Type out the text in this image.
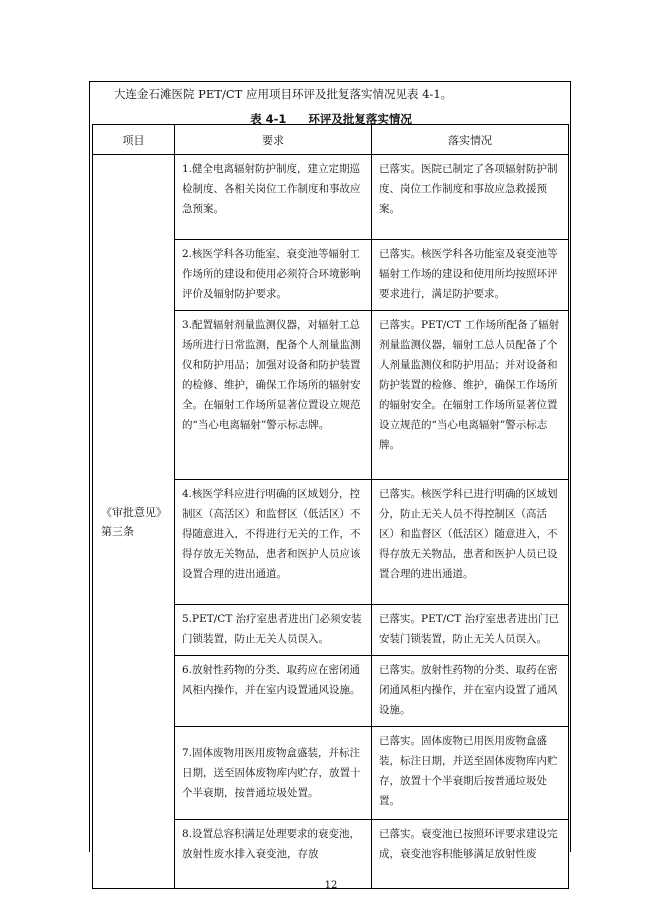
大连金石滩医院 PET/CT 应用项目环评及批复落实情况见表 4-1。
表 4-1 环评及批复落实情况
项目	要求	落实情况

《审批意见》
第三条	1.健全电离辐射防护制度，建立定期巡检制度、各相关岗位工作制度和事故应急预案。	已落实。医院已制定了各项辐射防护制度、岗位工作制度和事故应急救援预案。
	2.核医学科各功能室、衰变池等辐射工作场所的建设和使用必须符合环境影响评价及辐射防护要求。	已落实。核医学科各功能室及衰变池等辐射工作场的建设和使用所均按照环评要求进行，满足防护要求。
	3.配置辐射剂量监测仪器，对辐射工总场所进行日常监测，配备个人剂量监测仪和防护用品；加强对设备和防护装置的检修、维护，确保工作场所的辐射安全。在辐射工作场所显著位置设立规范的“当心电离辐射”警示标志牌。	已落实。PET/CT 工作场所配备了辐射剂量监测仪器，辐射工总人员配备了个人剂量监测仪和防护用品；并对设备和防护装置的检修、维护，确保工作场所的辐射安全。在辐射工作场所显著位置设立规范的“当心电离辐射”警示标志牌。
	4.核医学科应进行明确的区域划分，控制区（高活区）和监督区（低活区）不得随意进入，不得进行无关的工作，不得存放无关物品，患者和医护人员应该设置合理的进出通道。	已落实。核医学科已进行明确的区域划分，防止无关人员不得控制区（高活区）和监督区（低活区）随意进入，不得存放无关物品，患者和医护人员已设置合理的进出通道。
	5.PET/CT 治疗室患者进出门必须安装门锁装置，防止无关人员误入。	已落实。PET/CT 治疗室患者进出门已安装门锁装置，防止无关人员误入。
	6.放射性药物的分类、取药应在密闭通风柜内操作，并在室内设置通风设施。	已落实。放射性药物的分类、取药在密闭通风柜内操作，并在室内设置了通风设施。
	7.固体废物用医用废物盒盛装，并标注日期，送至固体废物库内贮存，放置十个半衰期，按普通垃圾处置。	已落实。固体废物已用医用废物盒盛装，标注日期，并送至固体废物库内贮存，放置十个半衰期后按普通垃圾处置。
	8.设置总容积满足处理要求的衰变池，放射性废水排入衰变池，存放	已落实。衰变池已按照环评要求建设完成，衰变池容积能够满足放射性废
12
